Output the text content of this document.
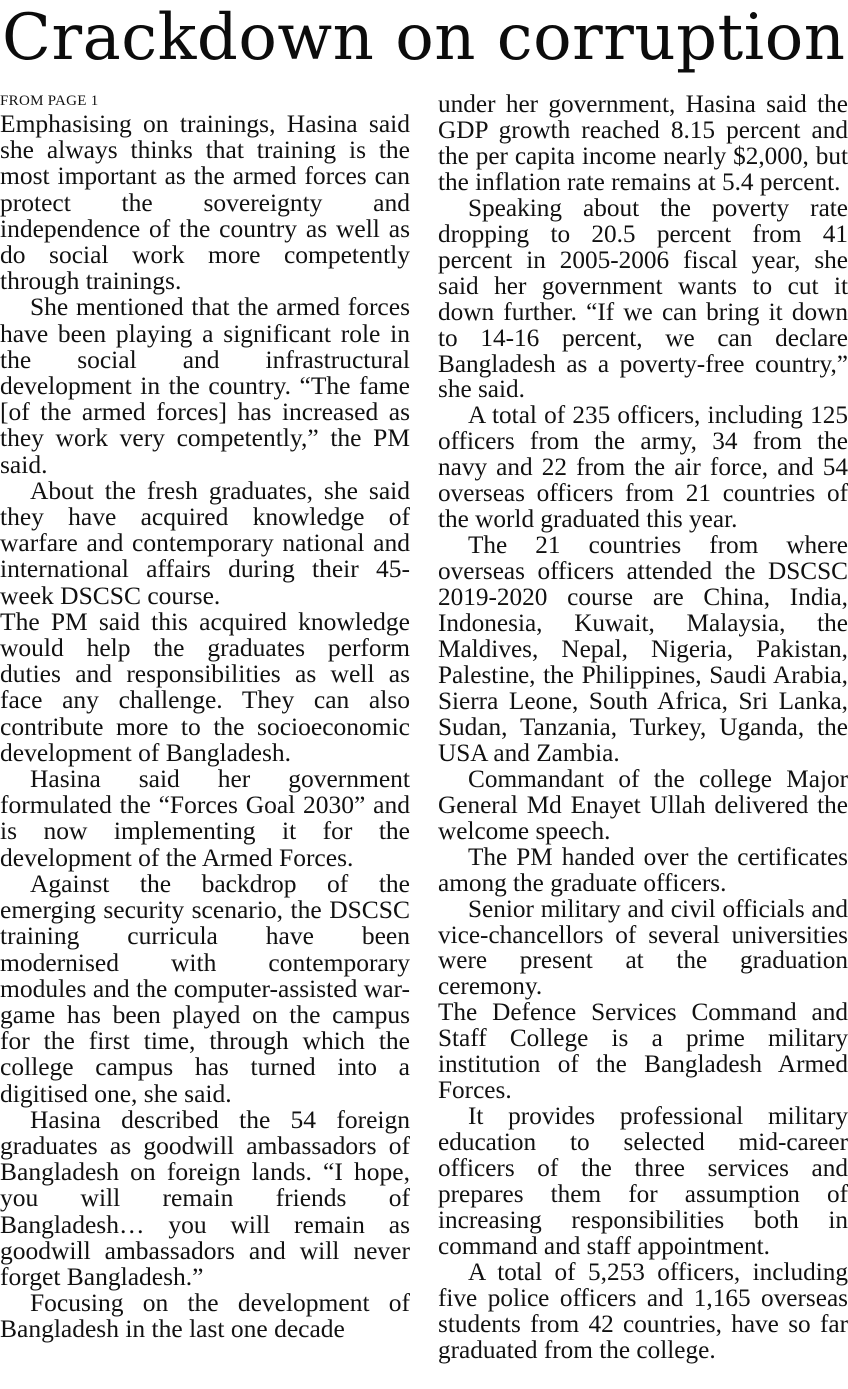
Crackdown on corruption
FROM PAGE 1

Emphasising on trainings, Hasina said she always thinks that training is the most important as the armed forces can protect the sovereignty and independence of the country as well as do social work more competently through trainings.

She mentioned that the armed forces have been playing a significant role in the social and infrastructural development in the country. “The fame [of the armed forces] has increased as they work very competently,” the PM said.

About the fresh graduates, she said they have acquired knowledge of warfare and contemporary national and international affairs during their 45-week DSCSC course.

The PM said this acquired knowledge would help the graduates perform duties and responsibilities as well as face any challenge. They can also contribute more to the socioeconomic development of Bangladesh.

Hasina said her government formulated the “Forces Goal 2030” and is now implementing it for the development of the Armed Forces.

Against the backdrop of the emerging security scenario, the DSCSC training curricula have been modernised with contemporary modules and the computer-assisted war-game has been played on the campus for the first time, through which the college campus has turned into a digitised one, she said.

Hasina described the 54 foreign graduates as goodwill ambassadors of Bangladesh on foreign lands. “I hope, you will remain friends of Bangladesh… you will remain as goodwill ambassadors and will never forget Bangladesh.”

Focusing on the development of Bangladesh in the last one decade

under her government, Hasina said the GDP growth reached 8.15 percent and the per capita income nearly $2,000, but the inflation rate remains at 5.4 percent.

Speaking about the poverty rate dropping to 20.5 percent from 41 percent in 2005-2006 fiscal year, she said her government wants to cut it down further. “If we can bring it down to 14-16 percent, we can declare Bangladesh as a poverty-free country,” she said.

A total of 235 officers, including 125 officers from the army, 34 from the navy and 22 from the air force, and 54 overseas officers from 21 countries of the world graduated this year.

The 21 countries from where overseas officers attended the DSCSC 2019-2020 course are China, India, Indonesia, Kuwait, Malaysia, the Maldives, Nepal, Nigeria, Pakistan, Palestine, the Philippines, Saudi Arabia, Sierra Leone, South Africa, Sri Lanka, Sudan, Tanzania, Turkey, Uganda, the USA and Zambia.

Commandant of the college Major General Md Enayet Ullah delivered the welcome speech.

The PM handed over the certificates among the graduate officers.

Senior military and civil officials and vice-chancellors of several universities were present at the graduation ceremony.

The Defence Services Command and Staff College is a prime military institution of the Bangladesh Armed Forces.

It provides professional military education to selected mid-career officers of the three services and prepares them for assumption of increasing responsibilities both in command and staff appointment.

A total of 5,253 officers, including five police officers and 1,165 overseas students from 42 countries, have so far graduated from the college.
